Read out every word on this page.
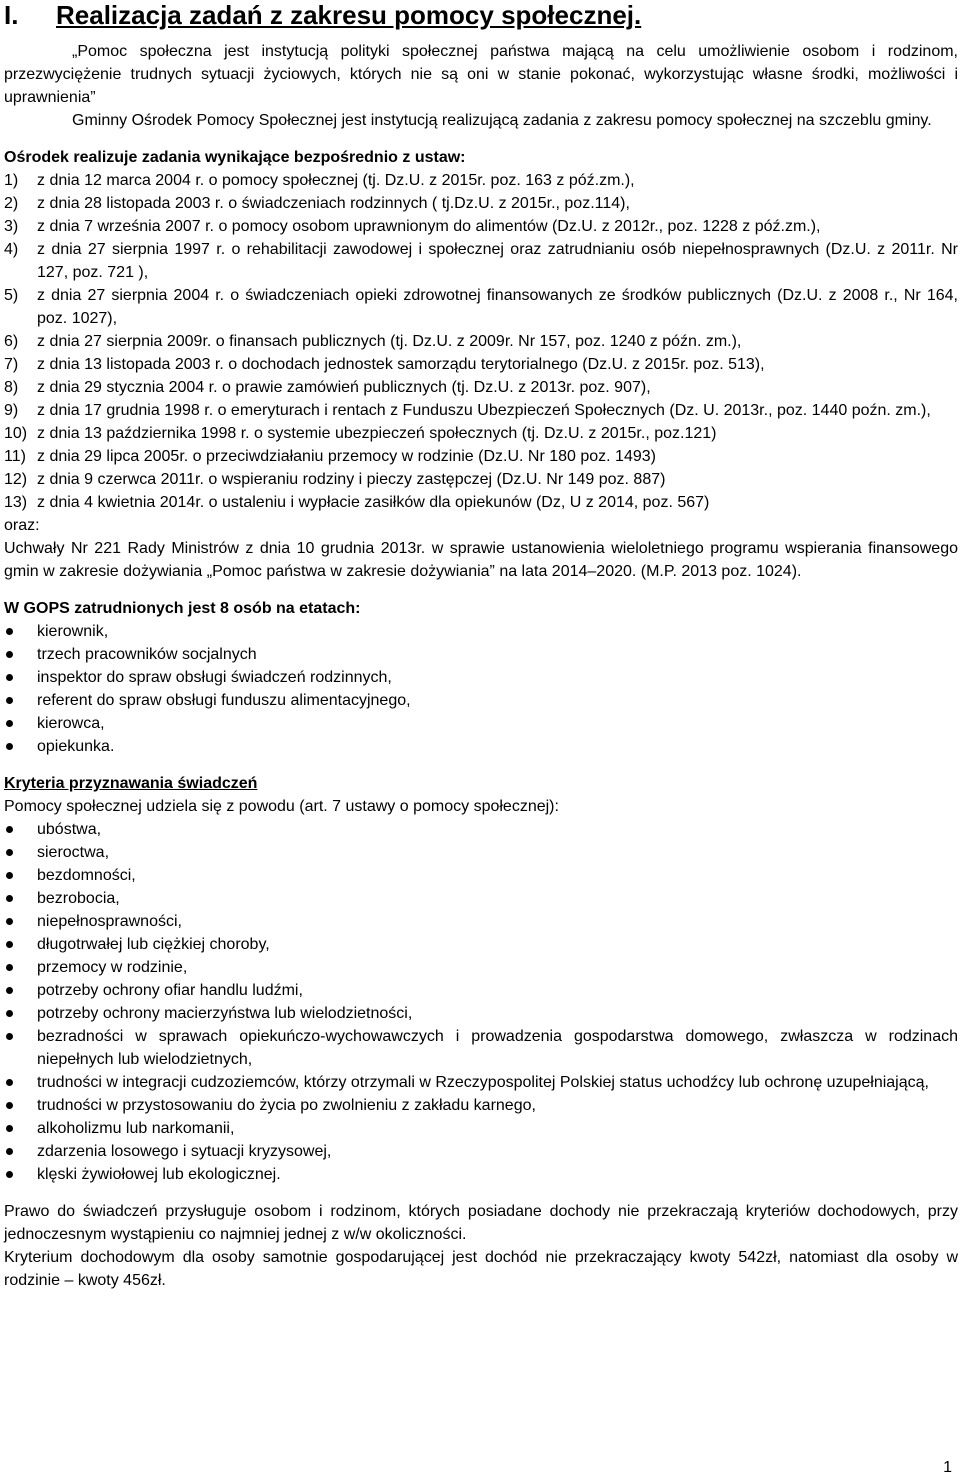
I.	Realizacja zadań z zakresu pomocy społecznej.

„Pomoc społeczna jest instytucją polityki społecznej państwa mającą na celu umożliwienie osobom i rodzinom, przezwyciężenie trudnych sytuacji życiowych, których nie są oni w stanie pokonać, wykorzystując własne środki, możliwości i uprawnienia”

Gminny Ośrodek Pomocy Społecznej jest instytucją realizującą zadania z zakresu pomocy społecznej na szczeblu gminy.

Ośrodek realizuje zadania wynikające bezpośrednio z ustaw:

1)	z dnia 12 marca 2004 r. o pomocy społecznej (tj. Dz.U. z 2015r. poz. 163 z póź.zm.),
2)	z dnia 28 listopada 2003 r. o świadczeniach rodzinnych ( tj.Dz.U. z 2015r., poz.114),
3)	z dnia 7 września 2007 r. o pomocy osobom uprawnionym do alimentów (Dz.U. z 2012r., poz. 1228 z póź.zm.),
4)	z dnia 27 sierpnia 1997 r. o rehabilitacji zawodowej i społecznej oraz zatrudnianiu osób niepełnosprawnych (Dz.U. z 2011r. Nr 127, poz. 721 ),
5)	z dnia 27 sierpnia 2004 r. o świadczeniach opieki zdrowotnej finansowanych ze środków publicznych (Dz.U. z 2008 r., Nr 164, poz. 1027),
6)	z dnia 27 sierpnia 2009r. o finansach publicznych (tj. Dz.U. z 2009r. Nr 157, poz. 1240 z późn. zm.),
7)	z dnia 13 listopada 2003 r. o dochodach jednostek samorządu terytorialnego (Dz.U. z 2015r. poz. 513),
8)	z dnia 29 stycznia 2004 r. o prawie zamówień publicznych (tj. Dz.U. z 2013r. poz. 907),
9)	z dnia 17 grudnia 1998 r. o emeryturach i rentach z Funduszu Ubezpieczeń Społecznych (Dz. U. 2013r., poz. 1440 poźn. zm.),
10) z dnia 13 października 1998 r. o systemie ubezpieczeń społecznych (tj. Dz.U. z 2015r., poz.121)
11) z dnia 29 lipca 2005r. o przeciwdziałaniu przemocy w rodzinie (Dz.U. Nr 180 poz. 1493)
12) z dnia 9 czerwca 2011r. o wspieraniu rodziny i pieczy zastępczej (Dz.U. Nr 149 poz. 887)
13) z dnia 4 kwietnia 2014r. o ustaleniu i wypłacie zasiłków dla opiekunów (Dz, U z 2014, poz. 567)

oraz:

Uchwały Nr 221 Rady Ministrów z dnia 10 grudnia 2013r. w sprawie ustanowienia wieloletniego programu wspierania finansowego gmin w zakresie dożywiania „Pomoc państwa w zakresie dożywiania” na lata 2014–2020. (M.P. 2013 poz. 1024).

W GOPS zatrudnionych jest 8 osób na etatach:

kierownik,
trzech pracowników socjalnych
inspektor do spraw obsługi świadczeń rodzinnych,
referent do spraw obsługi funduszu alimentacyjnego,
kierowca,
opiekunka.

Kryteria przyznawania świadczeń

Pomocy społecznej udziela się z powodu (art. 7 ustawy o pomocy społecznej):

ubóstwa,
sieroctwa,
bezdomności,
bezrobocia,
niepełnosprawności,
długotrwałej lub ciężkiej choroby,
przemocy w rodzinie,
potrzeby ochrony ofiar handlu ludźmi,
potrzeby ochrony macierzyństwa lub wielodzietności,
bezradności w sprawach opiekuńczo-wychowawczych i prowadzenia gospodarstwa domowego, zwłaszcza w rodzinach niepełnych lub wielodzietnych,
trudności w integracji cudzoziemców, którzy otrzymali w Rzeczypospolitej Polskiej status uchodźcy lub ochronę uzupełniającą,
trudności w przystosowaniu do życia po zwolnieniu z zakładu karnego,
alkoholizmu lub narkomanii,
zdarzenia losowego i sytuacji kryzysowej,
klęski żywiołowej lub ekologicznej.

Prawo do świadczeń przysługuje osobom i rodzinom, których posiadane dochody nie przekraczają kryteriów dochodowych, przy jednoczesnym wystąpieniu co najmniej jednej z w/w okoliczności.

Kryterium dochodowym dla osoby samotnie gospodarującej jest dochód nie przekraczający kwoty 542zł, natomiast dla osoby w rodzinie – kwoty 456zł.

1
